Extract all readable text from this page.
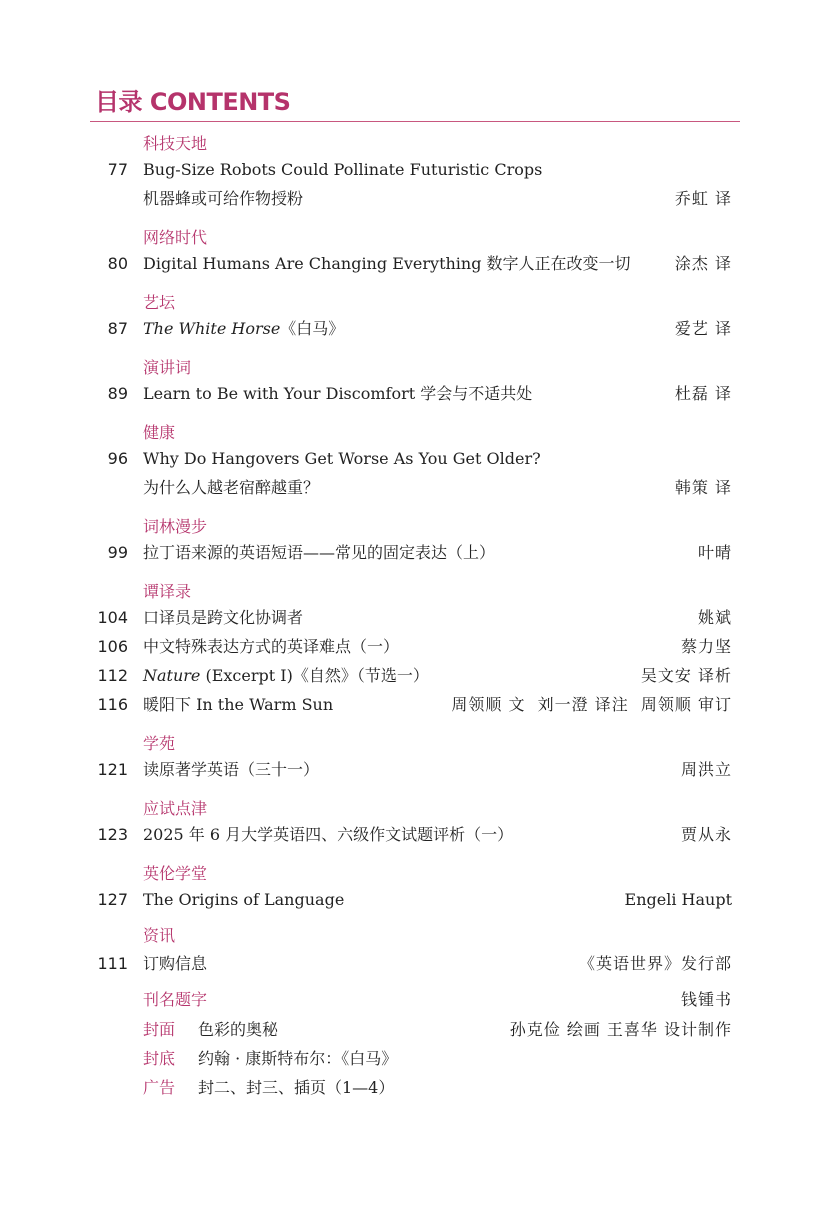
目录 CONTENTS
科技天地
77 Bug-Size Robots Could Pollinate Futuristic Crops
机器蜂或可给作物授粉	乔虹 译
网络时代
80 Digital Humans Are Changing Everything 数字人正在改变一切	涂杰 译
艺坛
87 The White Horse《白马》	爱艺 译
演讲词
89 Learn to Be with Your Discomfort 学会与不适共处	杜磊 译
健康
96 Why Do Hangovers Get Worse As You Get Older?
为什么人越老宿醉越重？	韩策 译
词林漫步
99 拉丁语来源的英语短语——常见的固定表达（上）	叶晴
谭译录
104 口译员是跨文化协调者	姚斌
106 中文特殊表达方式的英译难点（一）	蔡力坚
112 Nature (Excerpt I)《自然》（节选一）	吴文安 译析
116 暖阳下 In the Warm Sun	周领顺 文  刘一澄 译注  周领顺 审订
学苑
121 读原著学英语（三十一）	周洪立
应试点津
123 2025 年 6 月大学英语四、六级作文试题评析（一）	贾从永
英伦学堂
127 The Origins of Language	Engeli Haupt
资讯
111 订购信息	《英语世界》发行部
刊名题字	钱锺书
封面 色彩的奥秘	孙克俭 绘画 王喜华 设计制作
封底 约翰 · 康斯特布尔：《白马》
广告 封二、封三、插页（1—4）
